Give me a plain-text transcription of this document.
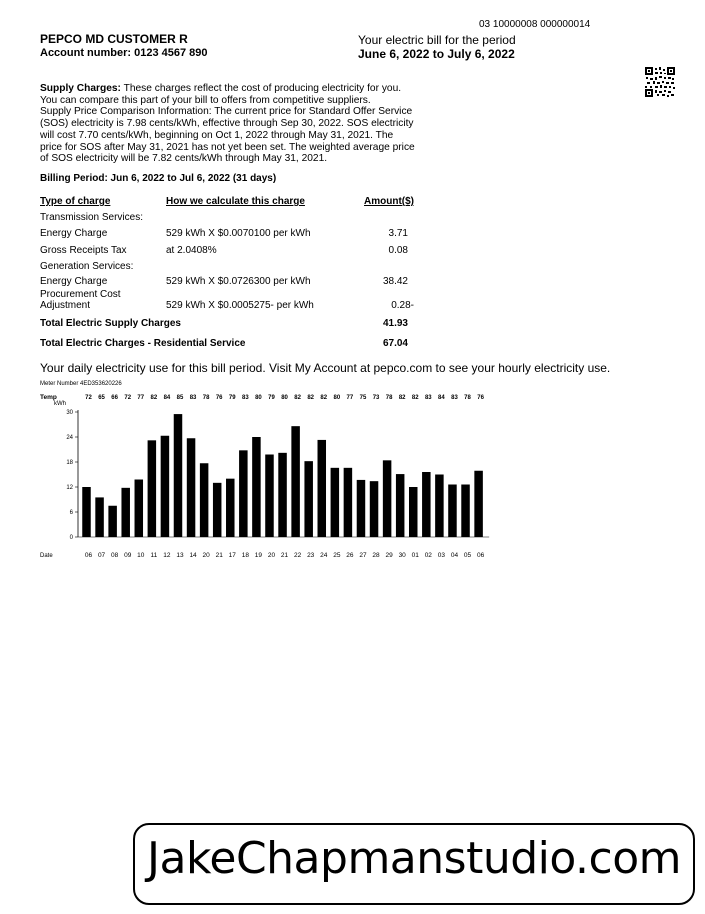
03 10000008 000000014
PEPCO MD CUSTOMER R
Account number: 0123 4567 890
Your electric bill for the period
June 6, 2022 to July 6, 2022
Supply Charges: These charges reflect the cost of producing electricity for you.
You can compare this part of your bill to offers from competitive suppliers.
Supply Price Comparison Information: The current price for Standard Offer Service (SOS) electricity is 7.98 cents/kWh, effective through Sep 30, 2022. SOS electricity will cost 7.70 cents/kWh, beginning on Oct 1, 2022 through May 31, 2021. The price for SOS after May 31, 2021 has not yet been set. The weighted average price of SOS electricity will be 7.82 cents/kWh through May 31, 2021.
Billing Period: Jun 6, 2022 to Jul 6, 2022 (31 days)
Type of charge	How we calculate this charge	Amount($)
Transmission Services:
Energy Charge	529 kWh X $0.0070100 per kWh	3.71
Gross Receipts Tax	at 2.0408%	0.08
Generation Services:
Energy Charge	529 kWh X $0.0726300 per kWh	38.42
Procurement Cost
Adjustment	529 kWh X $0.0005275- per kWh	0.28-
Total Electric Supply Charges	41.93
Total Electric Charges - Residential Service	67.04
Your daily electricity use for this bill period. Visit My Account at pepco.com to see your hourly electricity use.
Meter Number 4ED353620226
Temp
kWh
Date
0
6
12
18
24
30
72
06
65
07
66
08
72
09
77
10
82
11
84
12
85
13
83
14
78
20
76
21
79
17
83
18
80
19
79
20
80
21
82
22
82
23
82
24
80
25
77
26
75
27
73
28
78
29
82
30
82
01
83
02
84
03
83
04
78
05
76
06
JakeChapmanstudio.com
